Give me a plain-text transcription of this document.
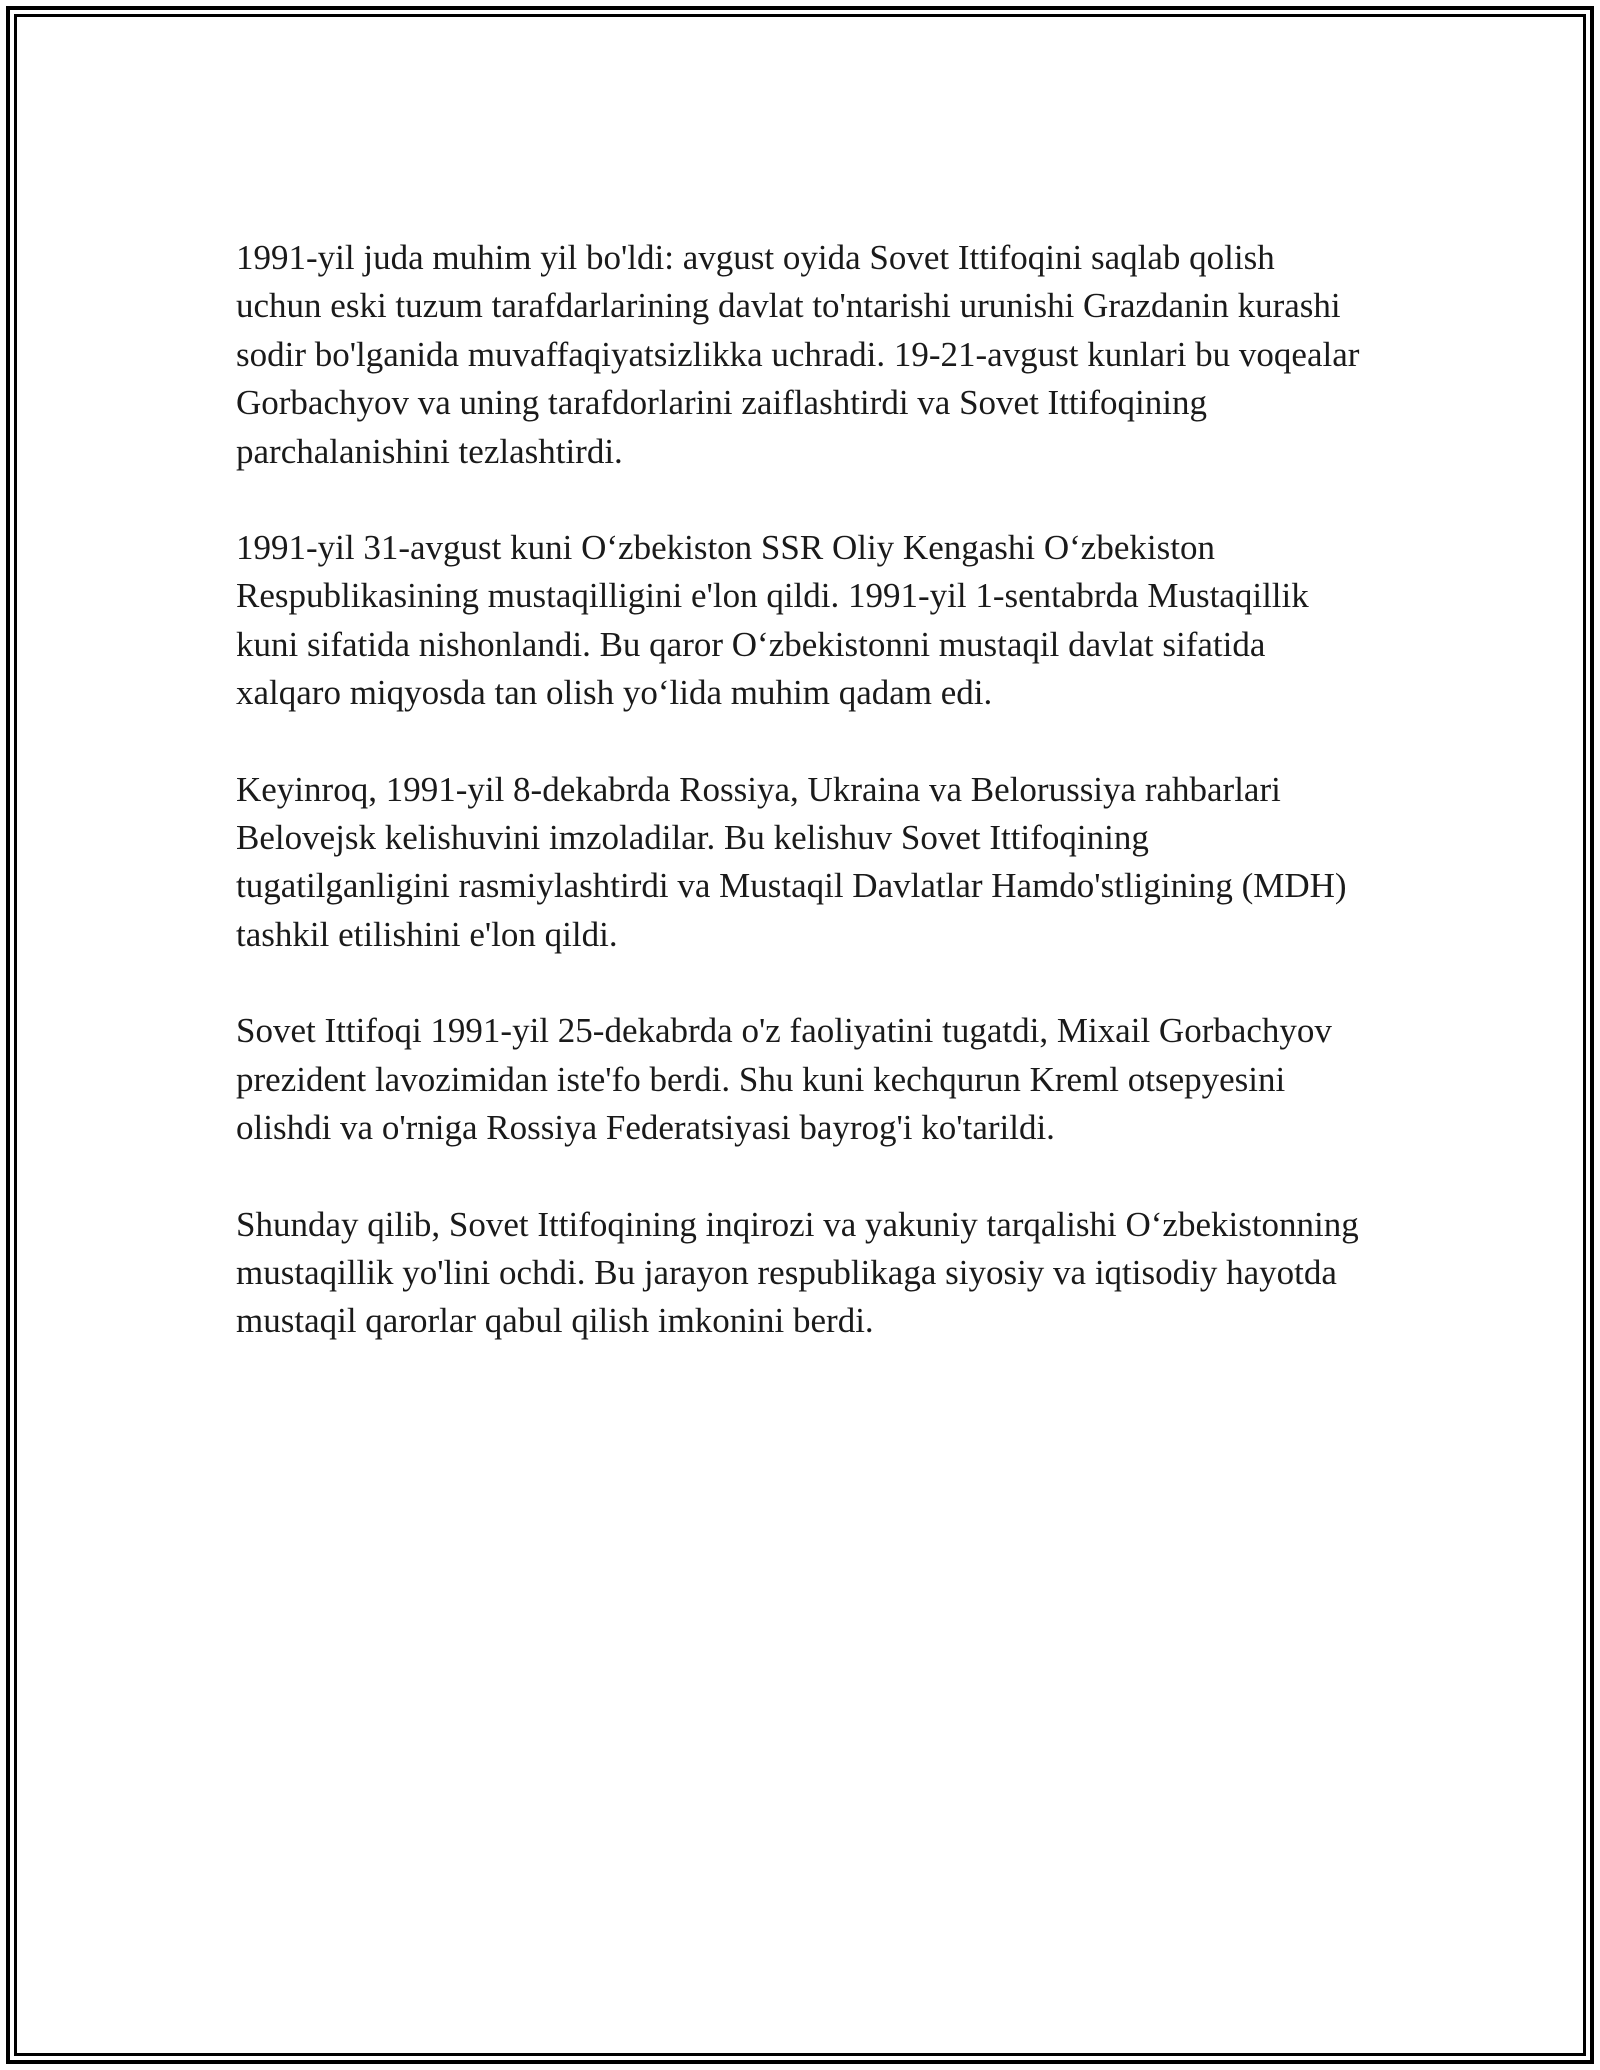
1991-yil juda muhim yil bo'ldi: avgust oyida Sovet Ittifoqini saqlab qolish uchun eski tuzum tarafdarlarining davlat to'ntarishi urunishi Grazdanin kurashi sodir bo'lganida muvaffaqiyatsizlikka uchradi. 19-21-avgust kunlari bu voqealar Gorbachyov va uning tarafdorlarini zaiflashtirdi va Sovet Ittifoqining parchalanishini tezlashtirdi.

1991-yil 31-avgust kuni O‘zbekiston SSR Oliy Kengashi O‘zbekiston Respublikasining mustaqilligini e'lon qildi. 1991-yil 1-sentabrda Mustaqillik kuni sifatida nishonlandi. Bu qaror O‘zbekistonni mustaqil davlat sifatida xalqaro miqyosda tan olish yo‘lida muhim qadam edi.

Keyinroq, 1991-yil 8-dekabrda Rossiya, Ukraina va Belorussiya rahbarlari Belovejsk kelishuvini imzoladilar. Bu kelishuv Sovet Ittifoqining tugatilganligini rasmiylashtirdi va Mustaqil Davlatlar Hamdo'stligining (MDH) tashkil etilishini e'lon qildi.

Sovet Ittifoqi 1991-yil 25-dekabrda o'z faoliyatini tugatdi, Mixail Gorbachyov prezident lavozimidan iste'fo berdi. Shu kuni kechqurun Kreml otsepyesini olishdi va o'rniga Rossiya Federatsiyasi bayrog'i ko'tarildi.

Shunday qilib, Sovet Ittifoqining inqirozi va yakuniy tarqalishi O‘zbekistonning mustaqillik yo'lini ochdi. Bu jarayon respublikaga siyosiy va iqtisodiy hayotda mustaqil qarorlar qabul qilish imkonini berdi.
